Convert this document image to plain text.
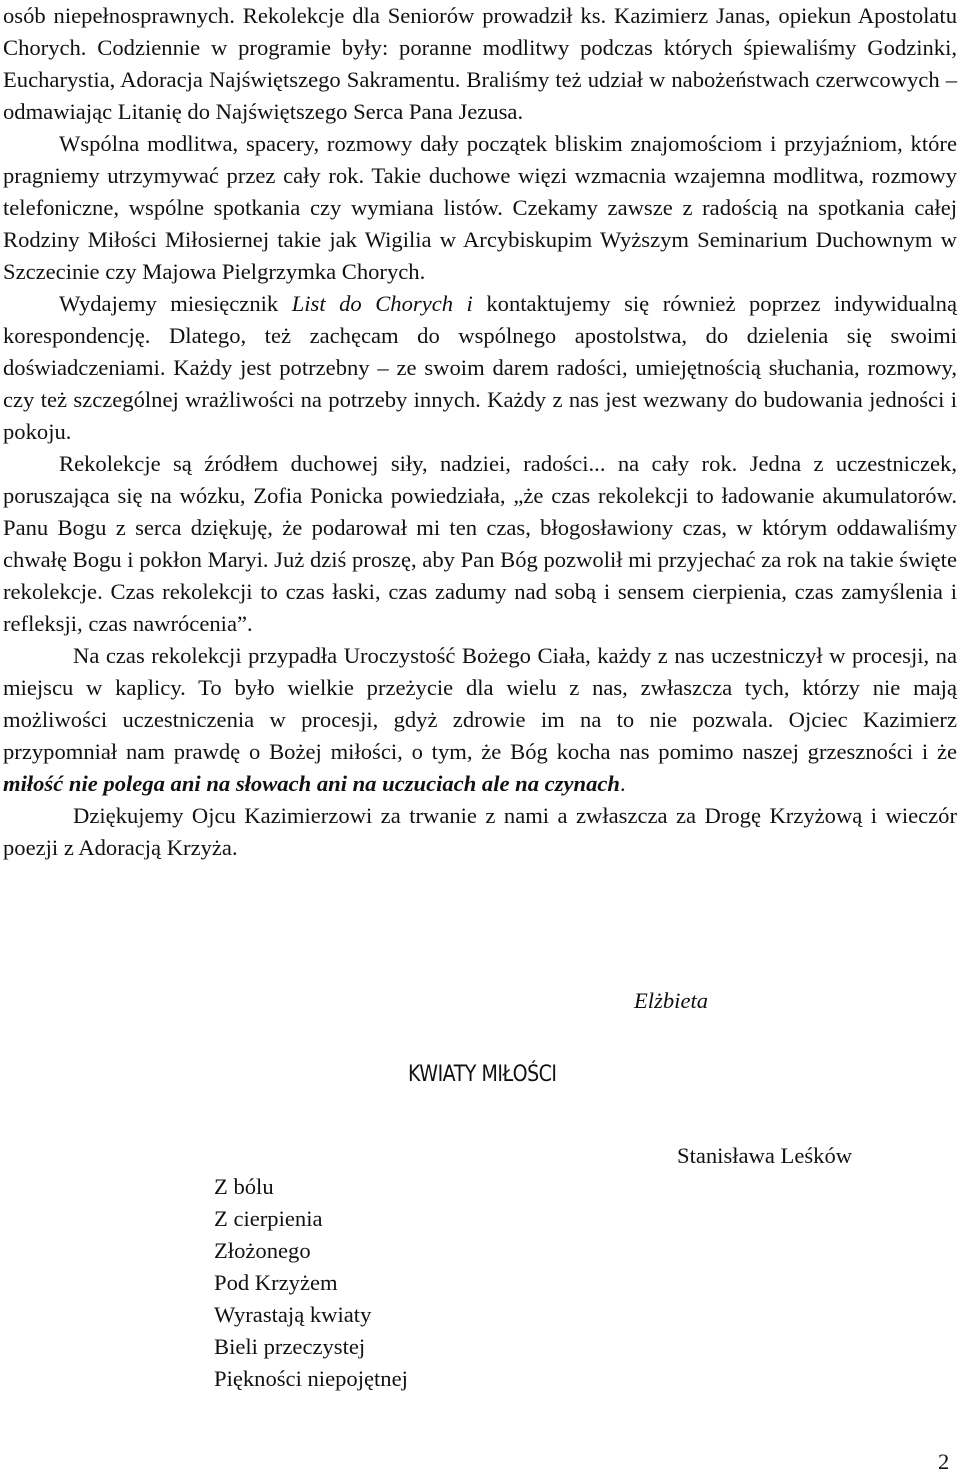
osób niepełnosprawnych. Rekolekcje dla Seniorów prowadził ks. Kazimierz Janas, opiekun Apostolatu Chorych. Codziennie w programie były: poranne modlitwy podczas których śpiewaliśmy Godzinki, Eucharystia, Adoracja Najświętszego Sakramentu. Braliśmy też udział w nabożeństwach czerwcowych – odmawiając Litanię do Najświętszego Serca Pana Jezusa.

Wspólna modlitwa, spacery, rozmowy dały początek bliskim znajomościom i przyjaźniom, które pragniemy utrzymywać przez cały rok. Takie duchowe więzi wzmacnia wzajemna modlitwa, rozmowy telefoniczne, wspólne spotkania czy wymiana listów. Czekamy zawsze z radością na spotkania całej Rodziny Miłości Miłosiernej takie jak Wigilia w Arcybiskupim Wyższym Seminarium Duchownym w Szczecinie czy Majowa Pielgrzymka Chorych.

Wydajemy miesięcznik List do Chorych i kontaktujemy się również poprzez indywidualną korespondencję. Dlatego, też zachęcam do wspólnego apostolstwa, do dzielenia się swoimi doświadczeniami. Każdy jest potrzebny – ze swoim darem radości, umiejętnością słuchania, rozmowy, czy też szczególnej wrażliwości na potrzeby innych. Każdy z nas jest wezwany do budowania jedności i pokoju.

Rekolekcje są źródłem duchowej siły, nadziei, radości... na cały rok. Jedna z uczestniczek, poruszająca się na wózku, Zofia Ponicka powiedziała, „że czas rekolekcji to ładowanie akumulatorów. Panu Bogu z serca dziękuję, że podarował mi ten czas, błogosławiony czas, w którym oddawaliśmy chwałę Bogu i pokłon Maryi. Już dziś proszę, aby Pan Bóg pozwolił mi przyjechać za rok na takie święte rekolekcje. Czas rekolekcji to czas łaski, czas zadumy nad sobą i sensem cierpienia, czas zamyślenia i refleksji, czas nawrócenia”.

Na czas rekolekcji przypadła Uroczystość Bożego Ciała, każdy z nas uczestniczył w procesji, na miejscu w kaplicy. To było wielkie przeżycie dla wielu z nas, zwłaszcza tych, którzy nie mają możliwości uczestniczenia w procesji, gdyż zdrowie im na to nie pozwala. Ojciec Kazimierz przypomniał nam prawdę o Bożej miłości, o tym, że Bóg kocha nas pomimo naszej grzeszności i że miłość nie polega ani na słowach ani na uczuciach ale na czynach.

Dziękujemy Ojcu Kazimierzowi za trwanie z nami a zwłaszcza za Drogę Krzyżową i wieczór poezji z Adoracją Krzyża.

Elżbieta
KWIATY MIŁOŚCI
Stanisława Leśków
Z bólu
Z cierpienia
Złożonego
Pod Krzyżem
Wyrastają kwiaty
Bieli przeczystej
Piękności niepojętnej
2
